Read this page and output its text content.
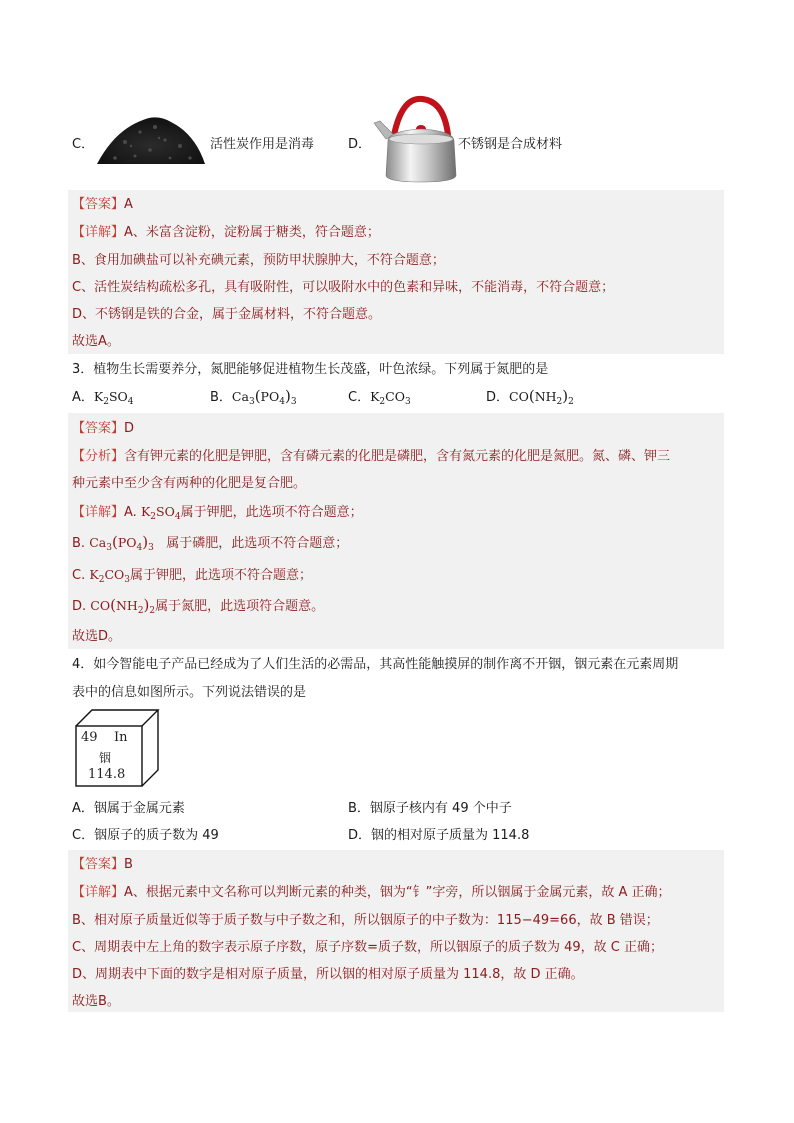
C．	活性炭作用是消毒	D．	不锈钢是合成材料
【答案】A
【详解】A、米富含淀粉，淀粉属于糖类，符合题意；
B、食用加碘盐可以补充碘元素，预防甲状腺肿大，不符合题意；
C、活性炭结构疏松多孔，具有吸附性，可以吸附水中的色素和异味，不能消毒，不符合题意；
D、不锈钢是铁的合金，属于金属材料，不符合题意。
故选A。
3．植物生长需要养分，氮肥能够促进植物生长茂盛，叶色浓绿。下列属于氮肥的是
A．$K_2SO_4$	B．$Ca_3(PO_4)_3$	C．$K_2CO_3$	D．$CO(NH_2)_2$
【答案】D
【分析】含有钾元素的化肥是钾肥，含有磷元素的化肥是磷肥，含有氮元素的化肥是氮肥。氮、磷、钾三
种元素中至少含有两种的化肥是复合肥。
【详解】A. $K_2SO_4$属于钾肥，此选项不符合题意；
B. $Ca_3(PO_4)_3$ 属于磷肥，此选项不符合题意；
C. $K_2CO_3$属于钾肥，此选项不符合题意；
D. $CO(NH_2)_2$属于氮肥，此选项符合题意。
故选D。
4．如今智能电子产品已经成为了人们生活的必需品，其高性能触摸屏的制作离不开铟，铟元素在元素周期
表中的信息如图所示。下列说法错误的是
49 In
铟
114.8
A．铟属于金属元素	B．铟原子核内有 49 个中子
C．铟原子的质子数为 49	D．铟的相对原子质量为 114.8
【答案】B
【详解】A、根据元素中文名称可以判断元素的种类，铟为“钅”字旁，所以铟属于金属元素，故 A 正确；
B、相对原子质量近似等于质子数与中子数之和，所以铟原子的中子数为：115−49=66，故 B 错误；
C、周期表中左上角的数字表示原子序数，原子序数=质子数，所以铟原子的质子数为 49，故 C 正确；
D、周期表中下面的数字是相对原子质量，所以铟的相对原子质量为 114.8，故 D 正确。
故选B。
